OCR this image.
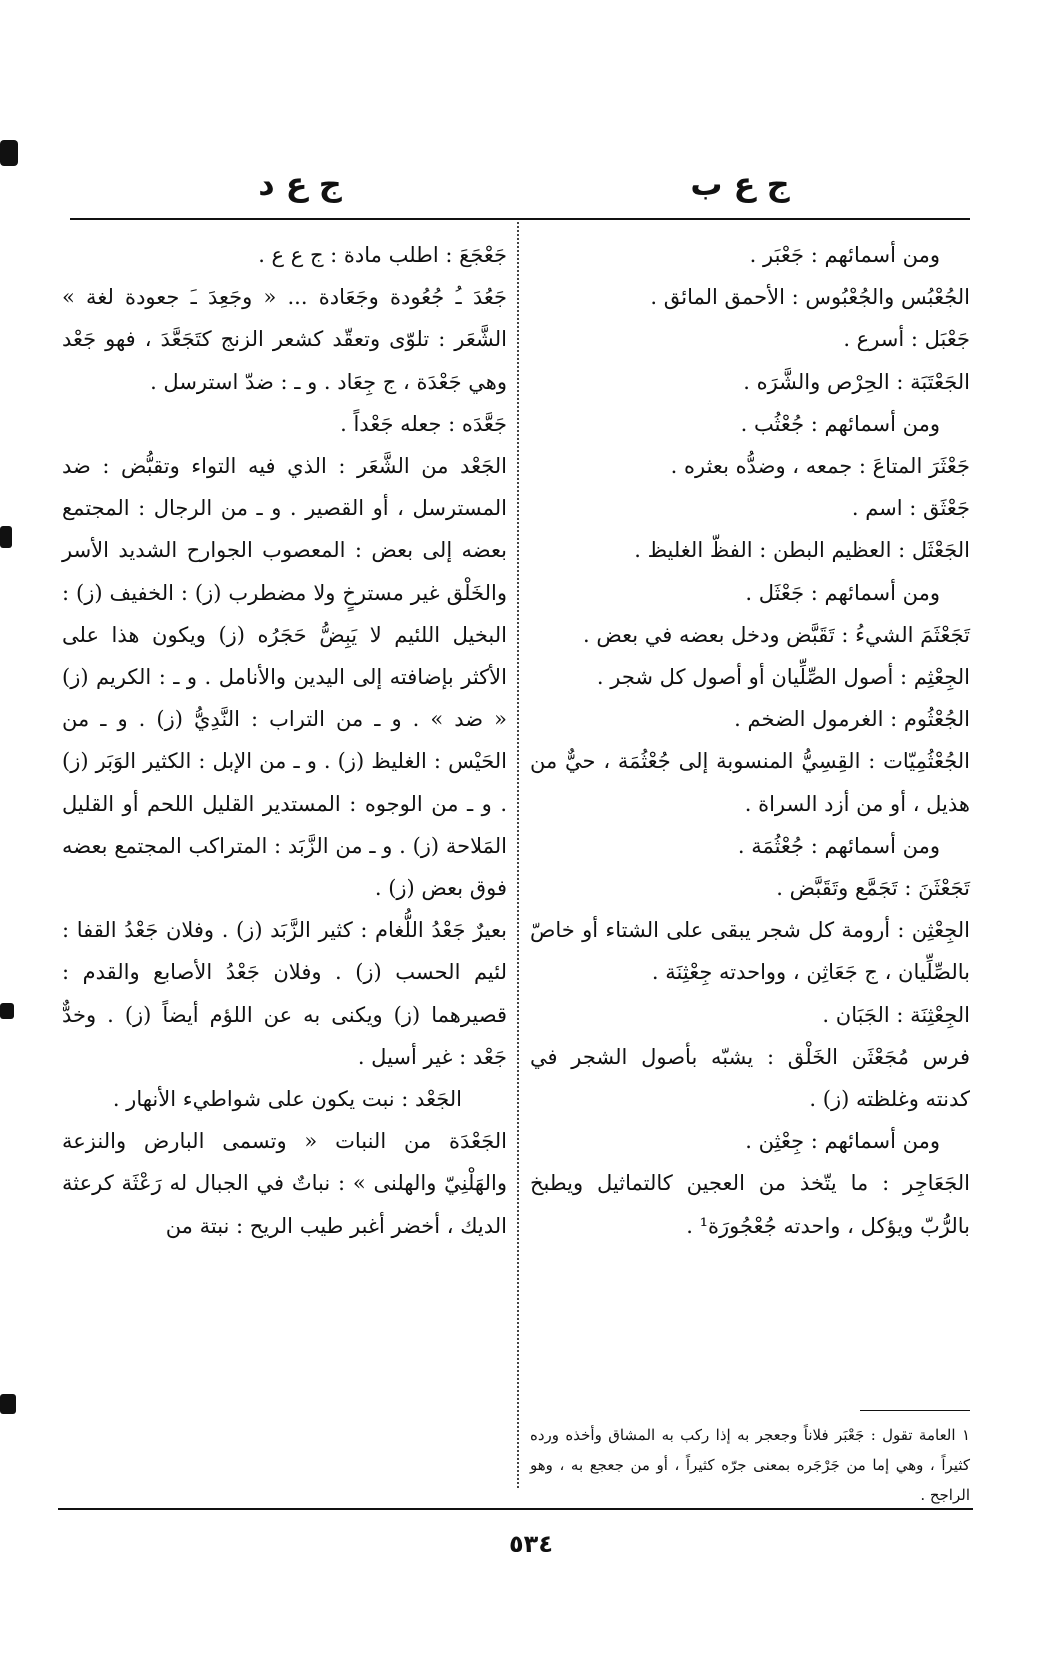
ج ع ب
ج ع د

ومن أسمائهم : جَعْبَر .

الجُعْبُس والجُعْبُوس : الأحمق المائق .

جَعْبَل : أسرع .

الجَعْتَبَة : الحِرْص والشَّرَه .

ومن أسمائهم : جُعْثُب .

جَعْثَرَ المتاعَ : جمعه ، وضدُّه بعثره .

جَعْثَق : اسم .

الجَعْثَل : العظيم البطن : الفظّ الغليظ .

ومن أسمائهم : جَعْثَل .

تَجَعْثَمَ الشيءُ : تَقَبَّض ودخل بعضه في بعض .

الجِعْثِم : أصول الصِّلِّيان أو أصول كل شجر .

الجُعْثُوم : الغرمول الضخم .

الجُعْثُمِيّات : القِسِيُّ المنسوبة إلى جُعْثُمَة ، حيٌّ من هذيل ، أو من أزد السراة .

ومن أسمائهم : جُعْثُمَة .

تَجَعْثَنَ : تَجَمَّع وتَقَبَّض .

الجِعْثِن : أرومة كل شجر يبقى على الشتاء أو خاصّ بالصِّلِّيان ، ج جَعَاثِن ، وواحدته جِعْثِنَة .

الجِعْثِنَة : الجَبَان .

فرس مُجَعْثَن الخَلْق : يشبّه بأصول الشجر في كدنته وغلظته (ز) .

ومن أسمائهم : جِعْثِن .

الجَعَاجِر : ما يتّخذ من العجين كالتماثيل ويطبخ بالرُّبّ ويؤكل ، واحدته جُعْجُورَة¹ .

١ العامة تقول : جَعْبَر فلاناً وجعجر به إذا ركب به المشاق وأخذه ورده كثيراً ، وهي إما من جَرْجَره بمعنى جرّه كثيراً ، أو من جعجع به ، وهو الراجح .

جَعْجَعَ : اطلب مادة : ج ع ع .

جَعُدَ ـُ جُعُودة وجَعَادة ... « وجَعِدَ ـَ جعودة لغة » الشَّعَر : تلوّى وتعقّد كشعر الزنج كتَجَعَّدَ ، فهو جَعْد وهي جَعْدَة ، ج جِعَاد . و ـ : ضدّ استرسل .

جَعَّدَه : جعله جَعْداً .

الجَعْد من الشَّعَر : الذي فيه التواء وتقبُّض : ضد المسترسل ، أو القصير . و ـ من الرجال : المجتمع بعضه إلى بعض : المعصوب الجوارح الشديد الأسر والخَلْق غير مسترخٍ ولا مضطرب (ز) : الخفيف (ز) : البخيل اللئيم لا يَبِضُّ حَجَرُه (ز) ويكون هذا على الأكثر بإضافته إلى اليدين والأنامل . و ـ : الكريم (ز) « ضد » . و ـ من التراب : النَّدِيُّ (ز) . و ـ من الحَيْس : الغليظ (ز) . و ـ من الإبل : الكثير الوَبَر (ز) . و ـ من الوجوه : المستدير القليل اللحم أو القليل المَلاحة (ز) . و ـ من الزَّبَد : المتراكب المجتمع بعضه فوق بعض (ز) .

بعيرٌ جَعْدُ اللُّغام : كثير الزَّبَد (ز) . وفلان جَعْدُ القفا : لئيم الحسب (ز) . وفلان جَعْدُ الأصابع والقدم : قصيرهما (ز) ويكنى به عن اللؤم أيضاً (ز) . وخدٌّ جَعْد : غير أسيل .

الجَعْد : نبت يكون على شواطيء الأنهار .

الجَعْدَة من النبات « وتسمى البارض والنزعة والهَلْنِيّ والهلنى » : نباتٌ في الجبال له رَعْثَة كرعثة الديك ، أخضر أغبر طيب الريح : نبتة من

٥٣٤
